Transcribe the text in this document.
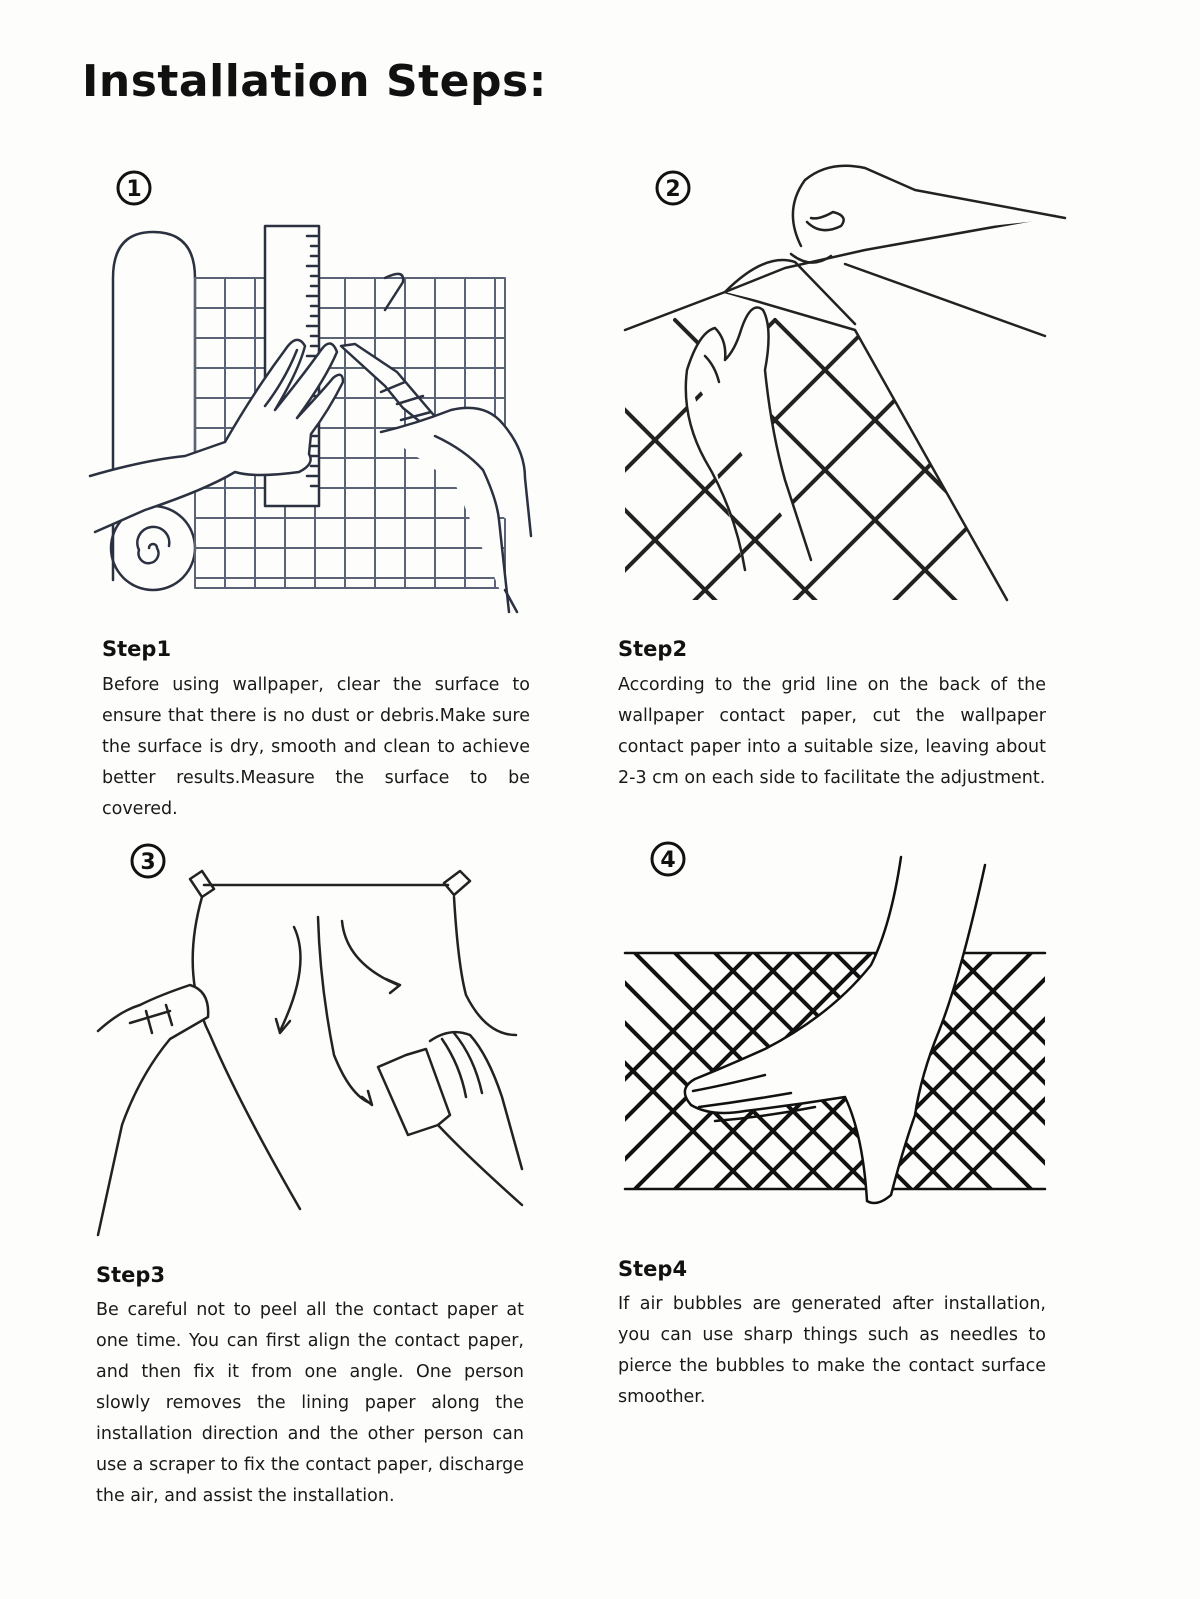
Installation Steps:
1	2
3	4
Step1
Before using wallpaper, clear the surface to ensure that there is no dust or debris.Make sure the surface is dry, smooth and clean to achieve better results.Measure the surface to be covered.
Step2
According to the grid line on the back of the wallpaper contact paper, cut the wallpaper contact paper into a suitable size, leaving about 2-3 cm on each side to facilitate the adjustment.
Step3
Be careful not to peel all the contact paper at one time. You can first align the contact paper, and then fix it from one angle. One person slowly removes the lining paper along the installation direction and the other person can use a scraper to fix the contact paper, discharge the air, and assist the installation.
Step4
If air bubbles are generated after installation, you can use sharp things such as needles to pierce the bubbles to make the contact surface smoother.
